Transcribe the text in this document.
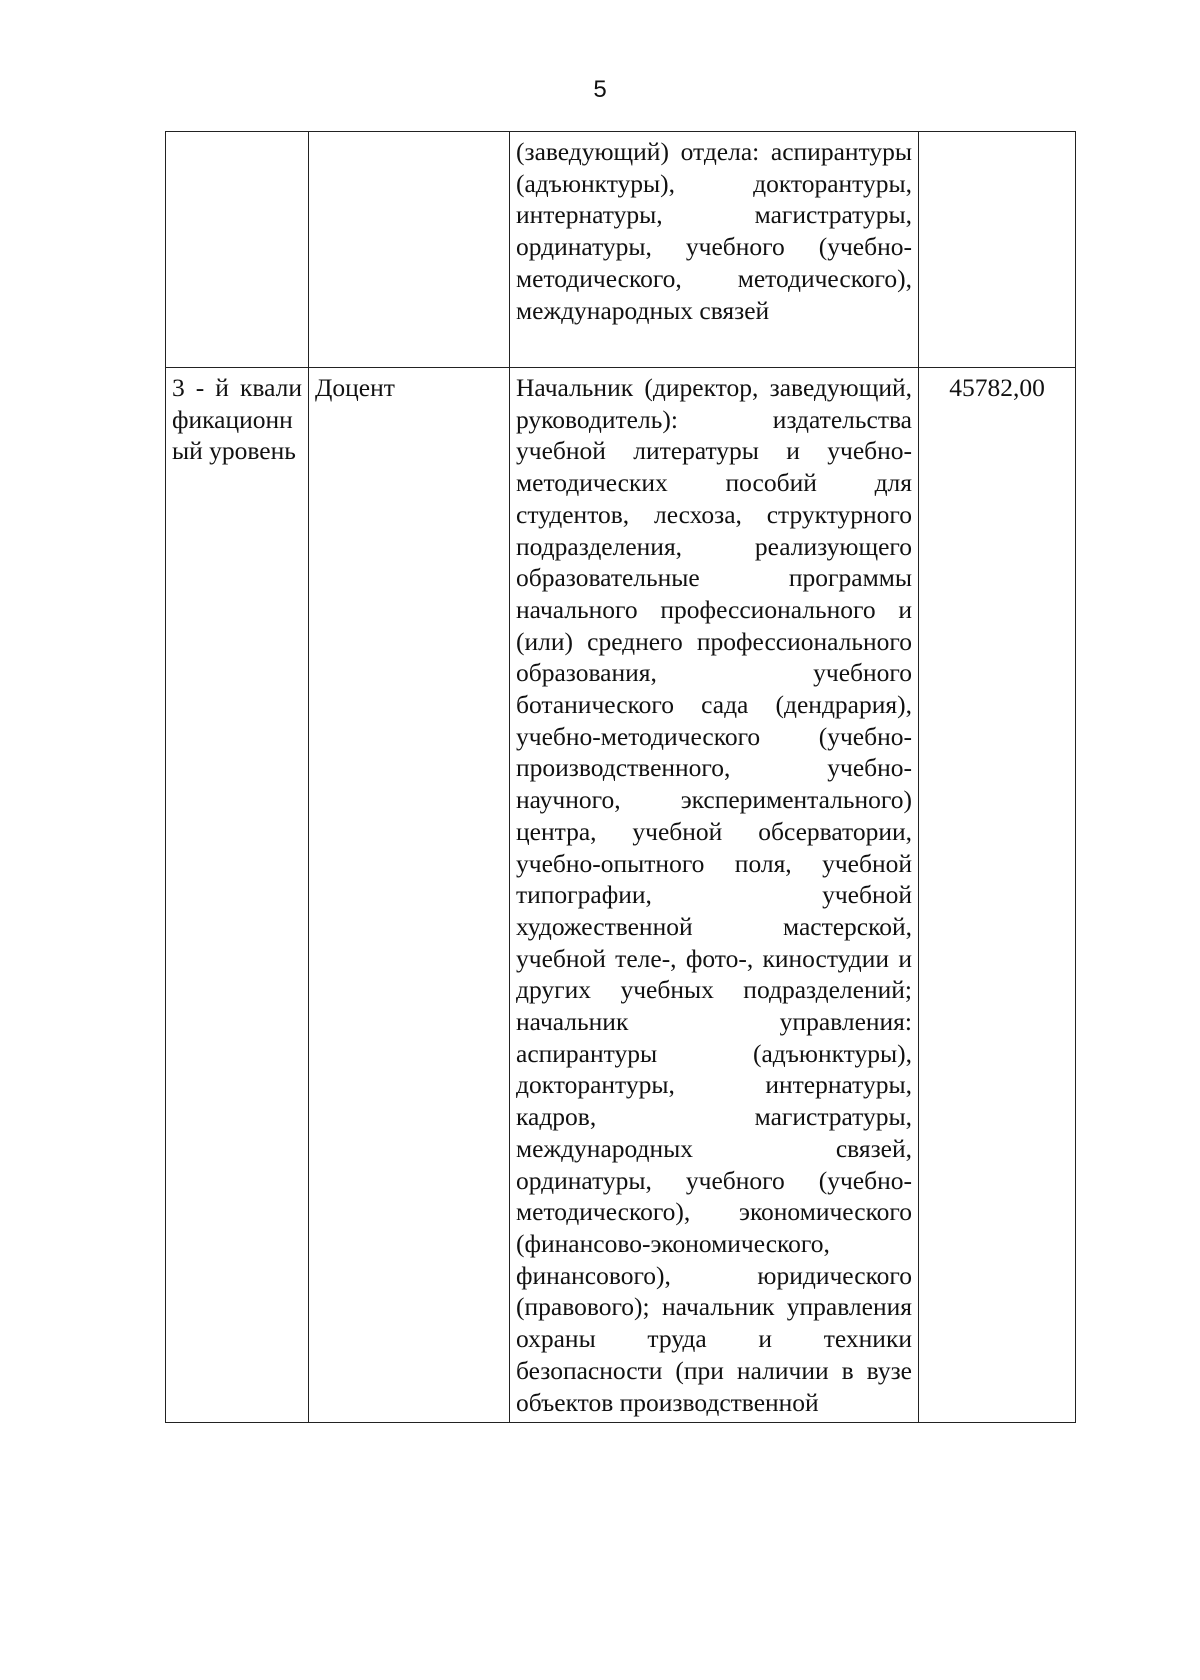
5

		(заведующий) отдела: аспирантуры (адъюнктуры), докторантуры, интернатуры, магистратуры, ординатуры, учебного (учебно-методического, методического), международных связей	

3 - й квалификационный уровень	Доцент	Начальник (директор, заведующий, руководитель): издательства учебной литературы и учебно-методических пособий для студентов, лесхоза, структурного подразделения, реализующего образовательные программы начального профессионального и (или) среднего профессионального образования, учебного ботанического сада (дендрария), учебно-методического (учебно-производственного, учебно-научного, экспериментального) центра, учебной обсерватории, учебно-опытного поля, учебной типографии, учебной художественной мастерской, учебной теле-, фото-, киностудии и других учебных подразделений; начальник управления: аспирантуры (адъюнктуры), докторантуры, интернатуры, кадров, магистратуры, международных связей, ординатуры, учебного (учебно-методического), экономического (финансово-экономического, финансового), юридического (правового); начальник управления охраны труда и техники безопасности (при наличии в вузе объектов производственной	45782,00
